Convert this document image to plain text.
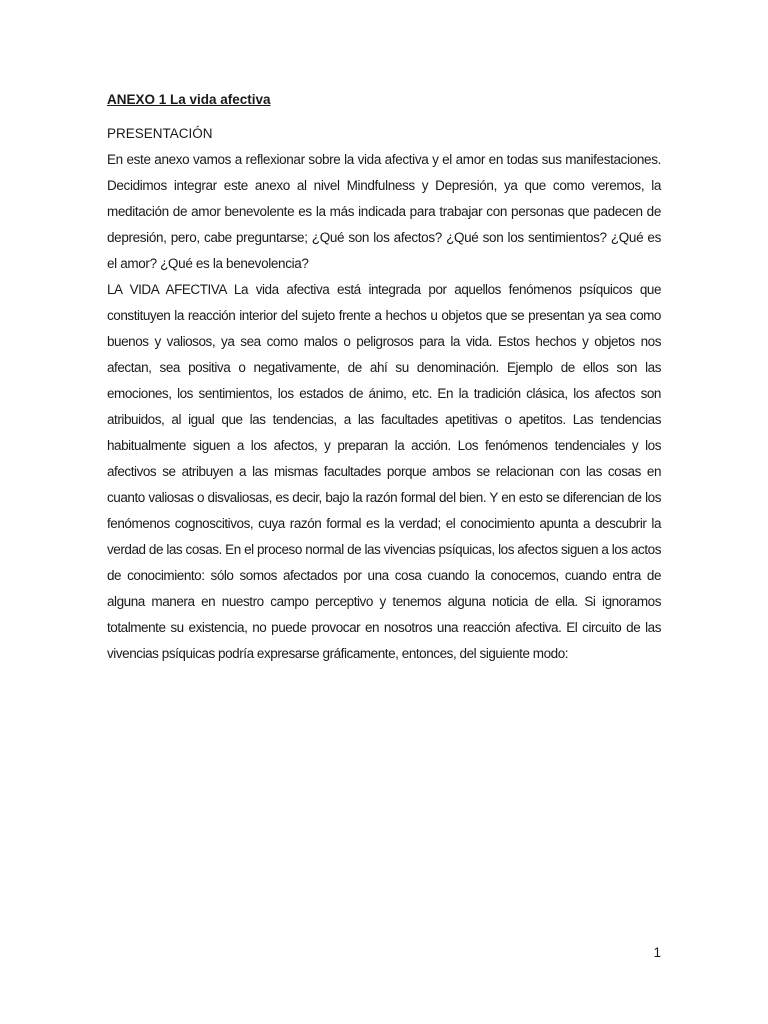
ANEXO 1 La vida afectiva
PRESENTACIÓN

En este anexo vamos a reflexionar sobre la vida afectiva y el amor en todas sus manifestaciones. Decidimos integrar este anexo al nivel Mindfulness y Depresión, ya que como veremos, la meditación de amor benevolente es la más indicada para trabajar con personas que padecen de depresión, pero, cabe preguntarse; ¿Qué son los afectos? ¿Qué son los sentimientos? ¿Qué es el amor? ¿Qué es la benevolencia?

LA VIDA AFECTIVA La vida afectiva está integrada por aquellos fenómenos psíquicos que constituyen la reacción interior del sujeto frente a hechos u objetos que se presentan ya sea como buenos y valiosos, ya sea como malos o peligrosos para la vida. Estos hechos y objetos nos afectan, sea positiva o negativamente, de ahí su denominación. Ejemplo de ellos son las emociones, los sentimientos, los estados de ánimo, etc. En la tradición clásica, los afectos son atribuidos, al igual que las tendencias, a las facultades apetitivas o apetitos. Las tendencias habitualmente siguen a los afectos, y preparan la acción. Los fenómenos tendenciales y los afectivos se atribuyen a las mismas facultades porque ambos se relacionan con las cosas en cuanto valiosas o disvaliosas, es decir, bajo la razón formal del bien. Y en esto se diferencian de los fenómenos cognoscitivos, cuya razón formal es la verdad; el conocimiento apunta a descubrir la verdad de las cosas. En el proceso normal de las vivencias psíquicas, los afectos siguen a los actos de conocimiento: sólo somos afectados por una cosa cuando la conocemos, cuando entra de alguna manera en nuestro campo perceptivo y tenemos alguna noticia de ella. Si ignoramos totalmente su existencia, no puede provocar en nosotros una reacción afectiva. El circuito de las vivencias psíquicas podría expresarse gráficamente, entonces, del siguiente modo:

1
